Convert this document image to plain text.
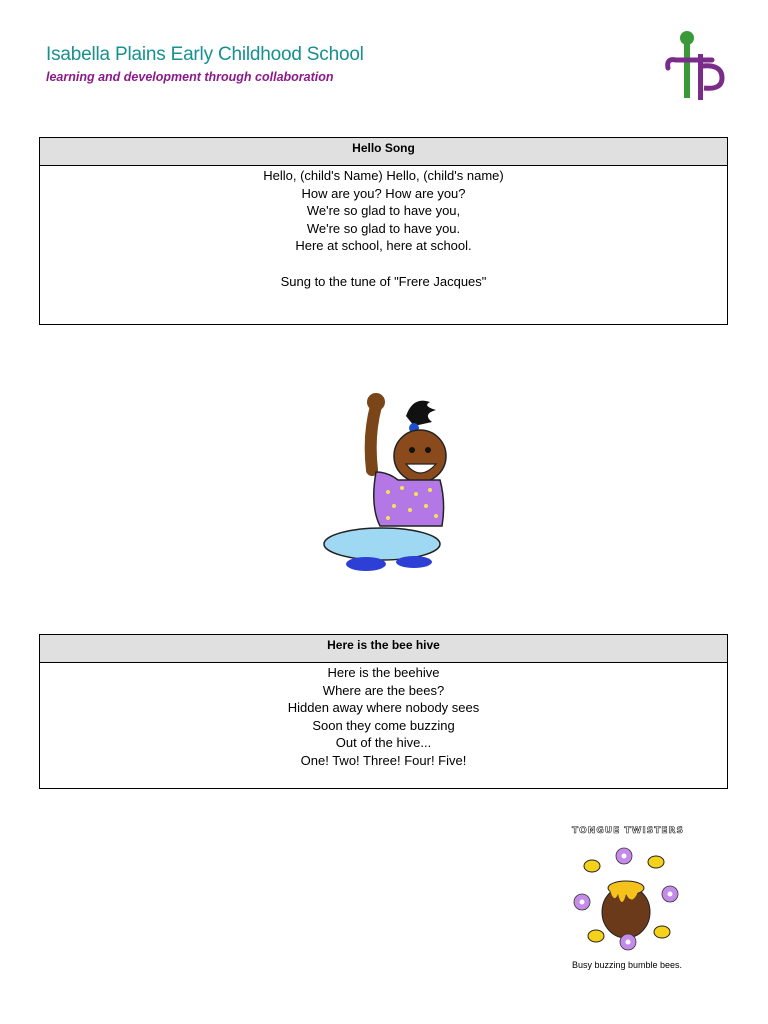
Isabella Plains Early Childhood School
learning and development through collaboration
Hello Song
Hello, (child's Name) Hello, (child's name)
How are you? How are you?
We're so glad to have you,
We're so glad to have you.
Here at school, here at school.
Sung to the tune of "Frere Jacques"
Here is the bee hive
Here is the beehive
Where are the bees?
Hidden away where nobody sees
Soon they come buzzing
Out of the hive...
One! Two! Three! Four! Five!
TONGUE TWISTERS
Busy buzzing bumble bees.
